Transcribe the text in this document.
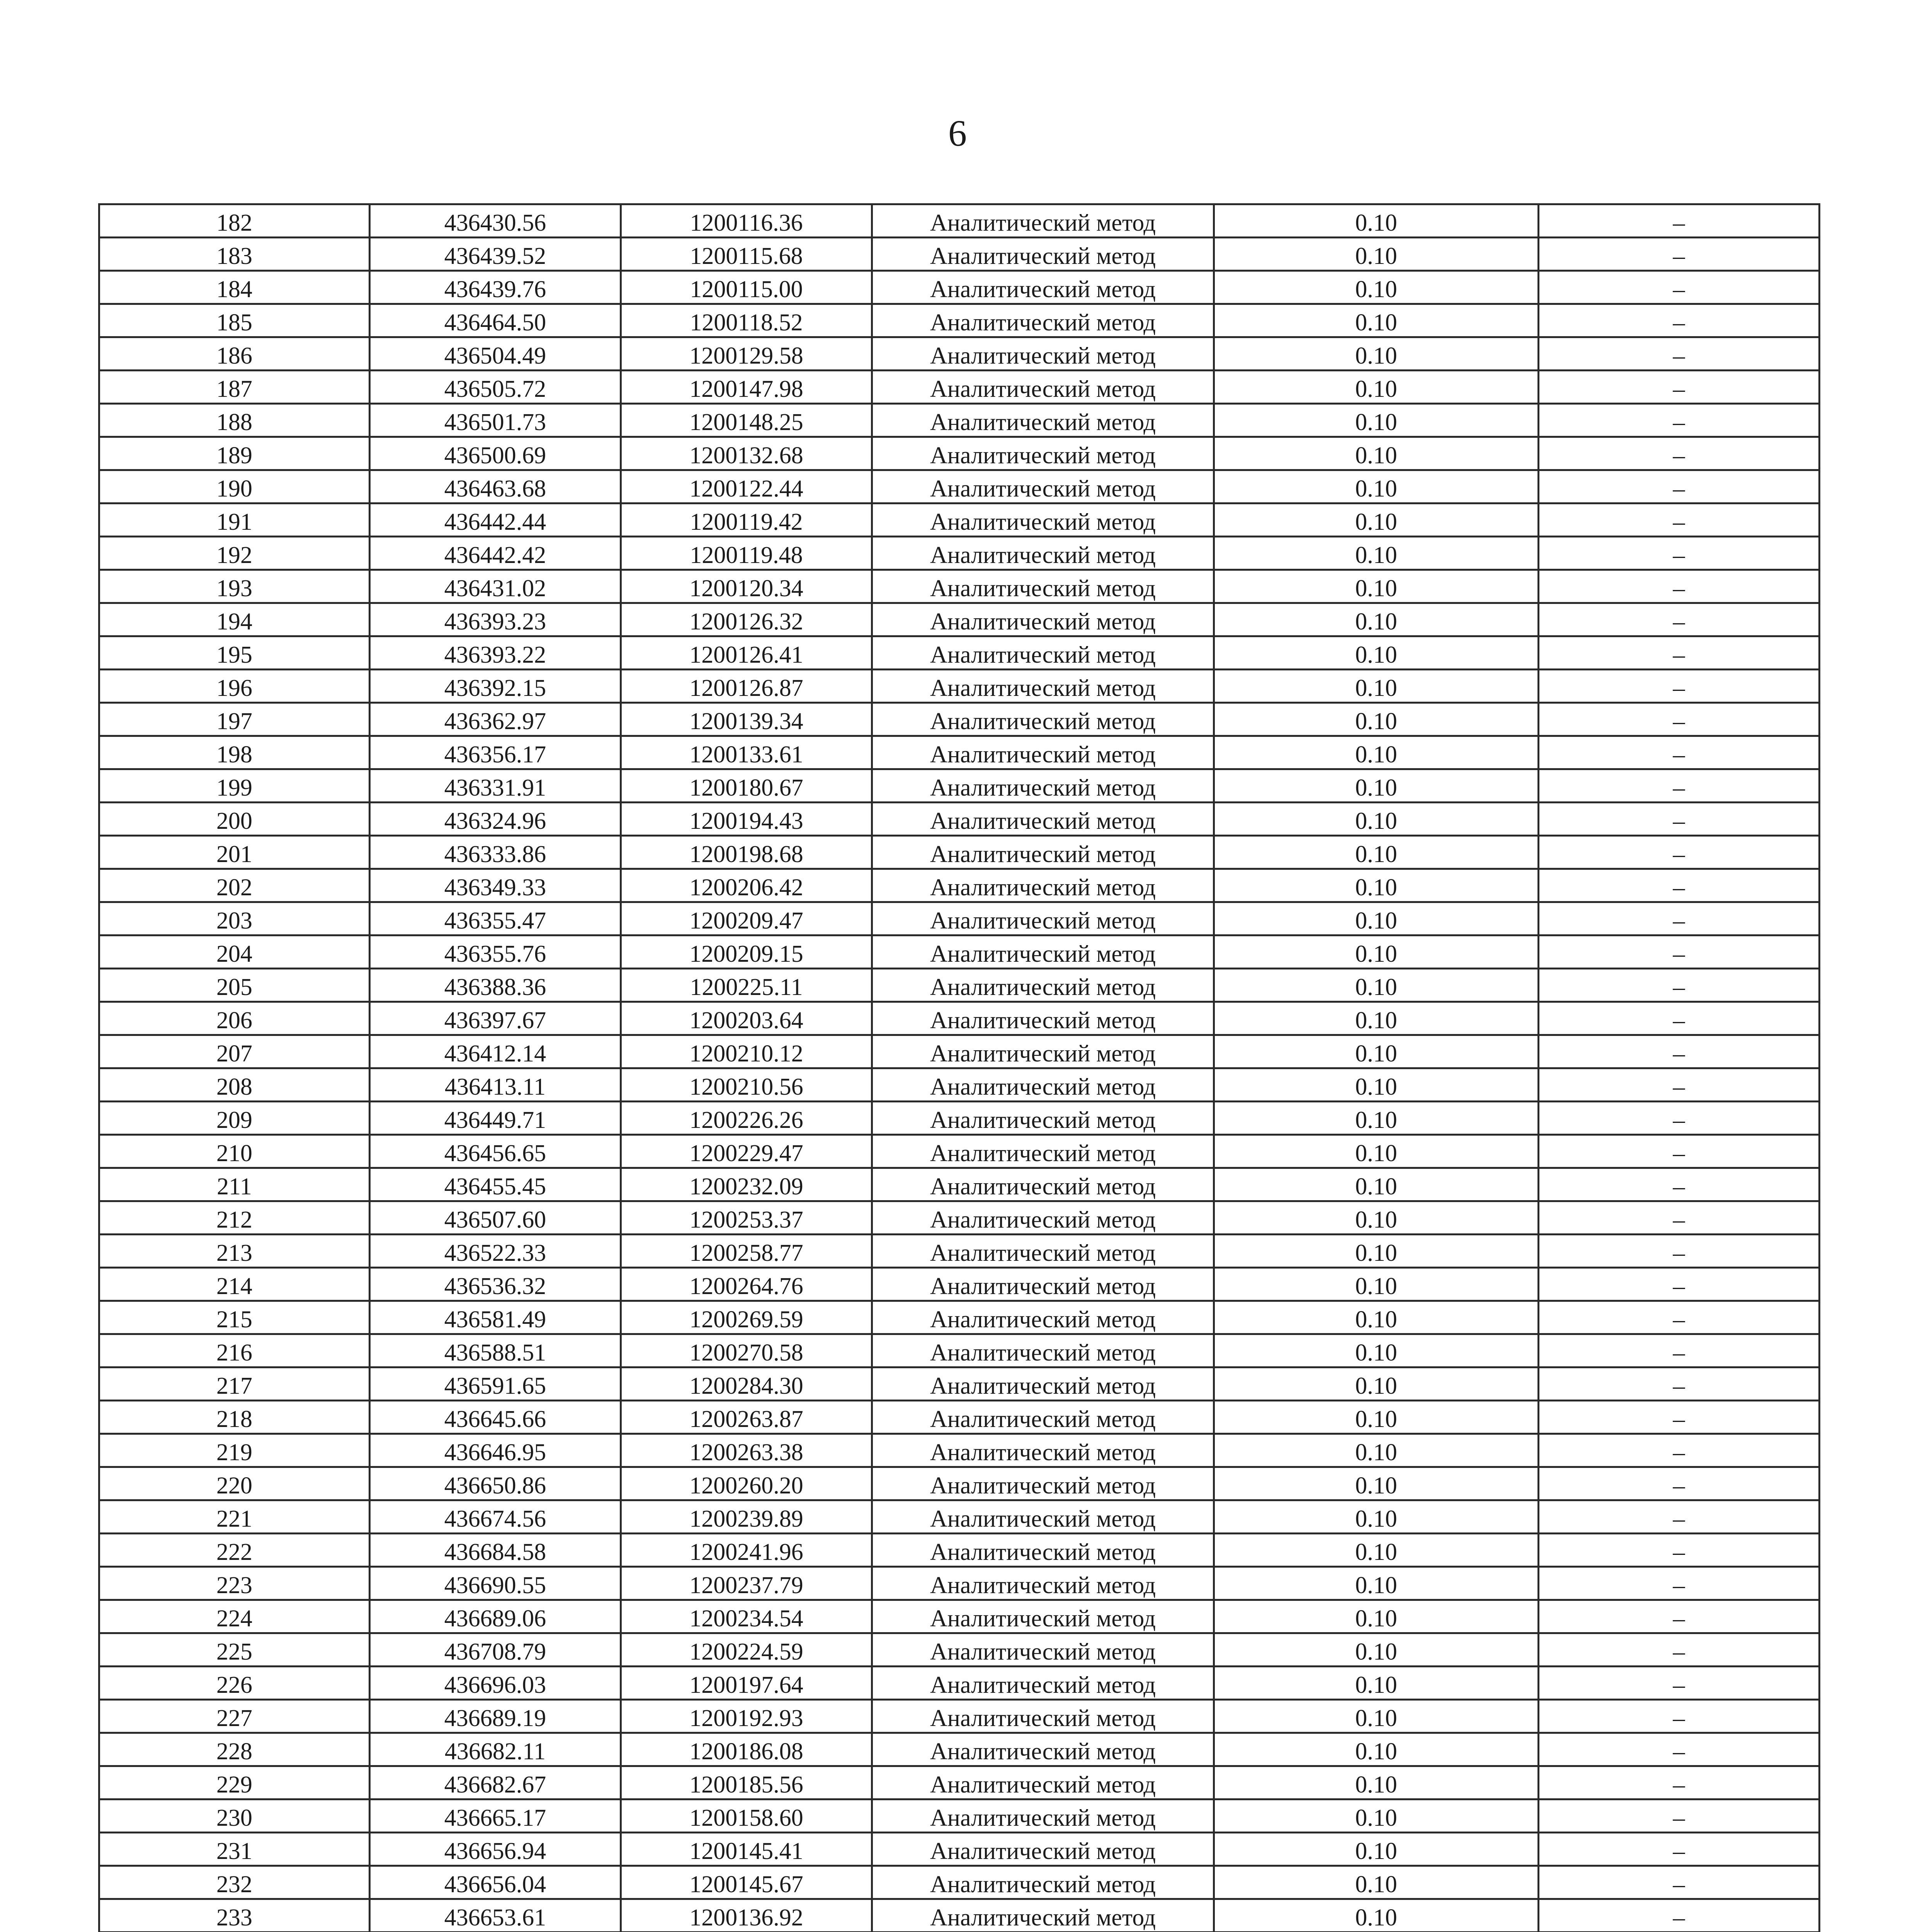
6
182	436430.56	1200116.36	Аналитический метод	0.10	–
183	436439.52	1200115.68	Аналитический метод	0.10	–
184	436439.76	1200115.00	Аналитический метод	0.10	–
185	436464.50	1200118.52	Аналитический метод	0.10	–
186	436504.49	1200129.58	Аналитический метод	0.10	–
187	436505.72	1200147.98	Аналитический метод	0.10	–
188	436501.73	1200148.25	Аналитический метод	0.10	–
189	436500.69	1200132.68	Аналитический метод	0.10	–
190	436463.68	1200122.44	Аналитический метод	0.10	–
191	436442.44	1200119.42	Аналитический метод	0.10	–
192	436442.42	1200119.48	Аналитический метод	0.10	–
193	436431.02	1200120.34	Аналитический метод	0.10	–
194	436393.23	1200126.32	Аналитический метод	0.10	–
195	436393.22	1200126.41	Аналитический метод	0.10	–
196	436392.15	1200126.87	Аналитический метод	0.10	–
197	436362.97	1200139.34	Аналитический метод	0.10	–
198	436356.17	1200133.61	Аналитический метод	0.10	–
199	436331.91	1200180.67	Аналитический метод	0.10	–
200	436324.96	1200194.43	Аналитический метод	0.10	–
201	436333.86	1200198.68	Аналитический метод	0.10	–
202	436349.33	1200206.42	Аналитический метод	0.10	–
203	436355.47	1200209.47	Аналитический метод	0.10	–
204	436355.76	1200209.15	Аналитический метод	0.10	–
205	436388.36	1200225.11	Аналитический метод	0.10	–
206	436397.67	1200203.64	Аналитический метод	0.10	–
207	436412.14	1200210.12	Аналитический метод	0.10	–
208	436413.11	1200210.56	Аналитический метод	0.10	–
209	436449.71	1200226.26	Аналитический метод	0.10	–
210	436456.65	1200229.47	Аналитический метод	0.10	–
211	436455.45	1200232.09	Аналитический метод	0.10	–
212	436507.60	1200253.37	Аналитический метод	0.10	–
213	436522.33	1200258.77	Аналитический метод	0.10	–
214	436536.32	1200264.76	Аналитический метод	0.10	–
215	436581.49	1200269.59	Аналитический метод	0.10	–
216	436588.51	1200270.58	Аналитический метод	0.10	–
217	436591.65	1200284.30	Аналитический метод	0.10	–
218	436645.66	1200263.87	Аналитический метод	0.10	–
219	436646.95	1200263.38	Аналитический метод	0.10	–
220	436650.86	1200260.20	Аналитический метод	0.10	–
221	436674.56	1200239.89	Аналитический метод	0.10	–
222	436684.58	1200241.96	Аналитический метод	0.10	–
223	436690.55	1200237.79	Аналитический метод	0.10	–
224	436689.06	1200234.54	Аналитический метод	0.10	–
225	436708.79	1200224.59	Аналитический метод	0.10	–
226	436696.03	1200197.64	Аналитический метод	0.10	–
227	436689.19	1200192.93	Аналитический метод	0.10	–
228	436682.11	1200186.08	Аналитический метод	0.10	–
229	436682.67	1200185.56	Аналитический метод	0.10	–
230	436665.17	1200158.60	Аналитический метод	0.10	–
231	436656.94	1200145.41	Аналитический метод	0.10	–
232	436656.04	1200145.67	Аналитический метод	0.10	–
233	436653.61	1200136.92	Аналитический метод	0.10	–
